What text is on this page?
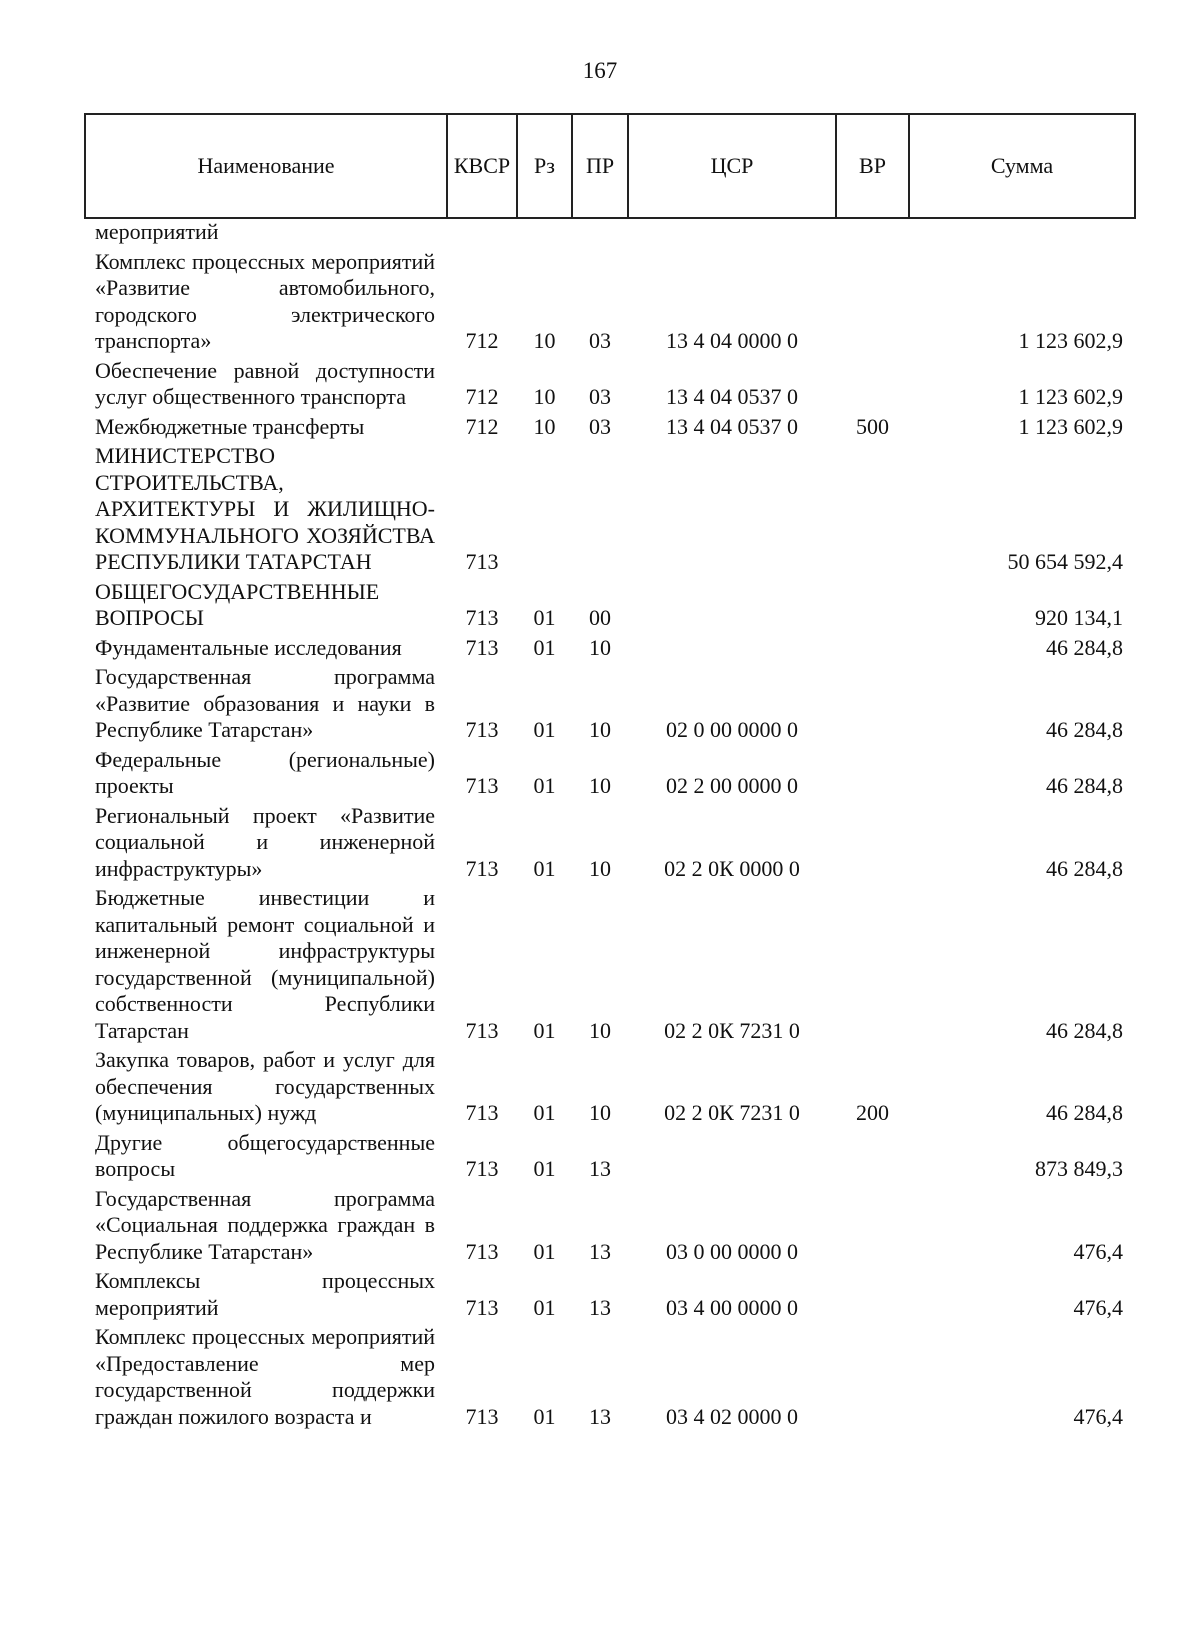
167
Наименование	КВСР	Рз	ПР	ЦСР	ВР	Сумма
мероприятий						
Комплекс процессных мероприятий «Развитие автомобильного, городского электрического транспорта»	712	10	03	13 4 04 0000 0		1 123 602,9
Обеспечение равной доступности услуг общественного транспорта	712	10	03	13 4 04 0537 0		1 123 602,9
Межбюджетные трансферты	712	10	03	13 4 04 0537 0	500	1 123 602,9
МИНИСТЕРСТВО СТРОИТЕЛЬСТВА, АРХИТЕКТУРЫ И ЖИЛИЩНО-КОММУНАЛЬНОГО ХОЗЯЙСТВА РЕСПУБЛИКИ ТАТАРСТАН	713					50 654 592,4
ОБЩЕГОСУДАРСТВЕННЫЕ ВОПРОСЫ	713	01	00			920 134,1
Фундаментальные исследования	713	01	10			46 284,8
Государственная программа «Развитие образования и науки в Республике Татарстан»	713	01	10	02 0 00 0000 0		46 284,8
Федеральные (региональные) проекты	713	01	10	02 2 00 0000 0		46 284,8
Региональный проект «Развитие социальной и инженерной инфраструктуры»	713	01	10	02 2 0К 0000 0		46 284,8
Бюджетные инвестиции и капитальный ремонт социальной и инженерной инфраструктуры государственной (муниципальной) собственности Республики Татарстан	713	01	10	02 2 0К 7231 0		46 284,8
Закупка товаров, работ и услуг для обеспечения государственных (муниципальных) нужд	713	01	10	02 2 0К 7231 0	200	46 284,8
Другие общегосударственные вопросы	713	01	13			873 849,3
Государственная программа «Социальная поддержка граждан в Республике Татарстан»	713	01	13	03 0 00 0000 0		476,4
Комплексы процессных мероприятий	713	01	13	03 4 00 0000 0		476,4
Комплекс процессных мероприятий «Предоставление мер государственной поддержки граждан пожилого возраста и	713	01	13	03 4 02 0000 0		476,4
